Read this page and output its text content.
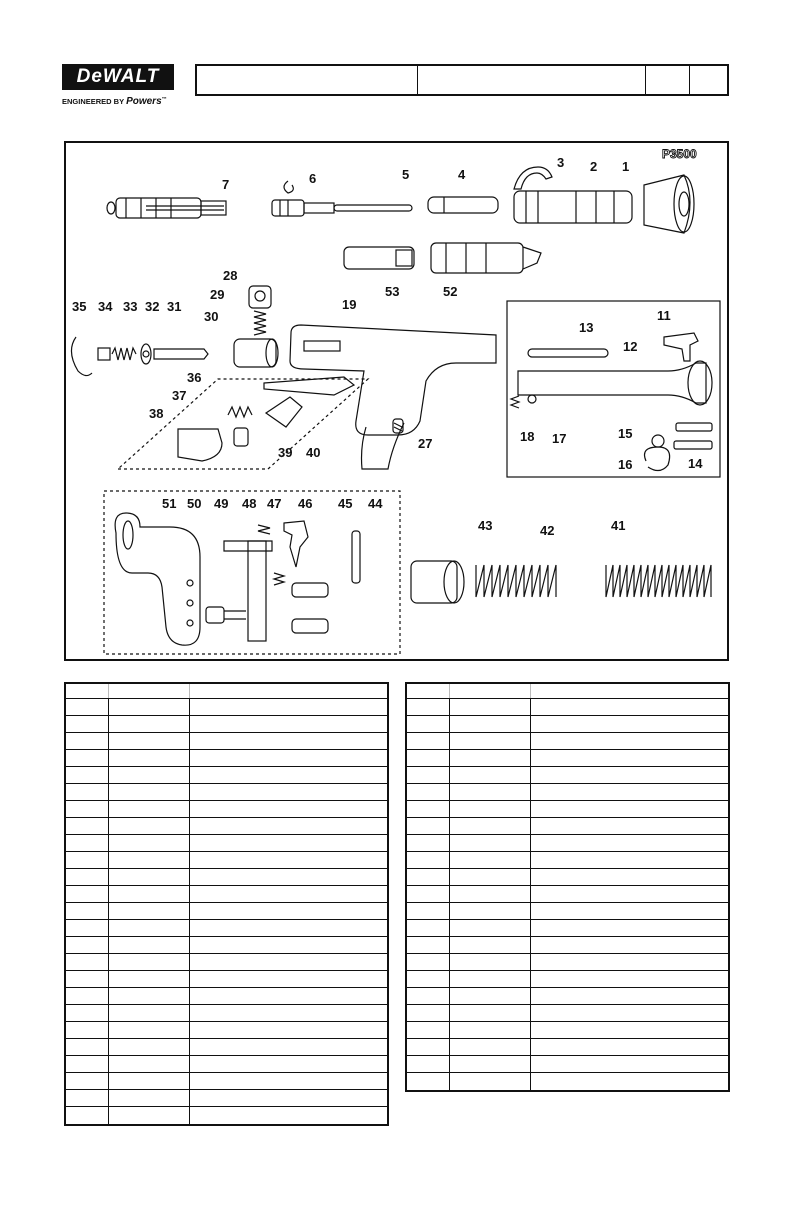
DeWALT
ENGINEERED BY Powers™
P3500
1
2
3
4
5
6
7
11
12
13
14
15
16
17
18
19
27
28
29
30
31
32
33
34
35
36
37
38
39 40
41
42
43
44
45
46
47
48
49
50
51
52
53
